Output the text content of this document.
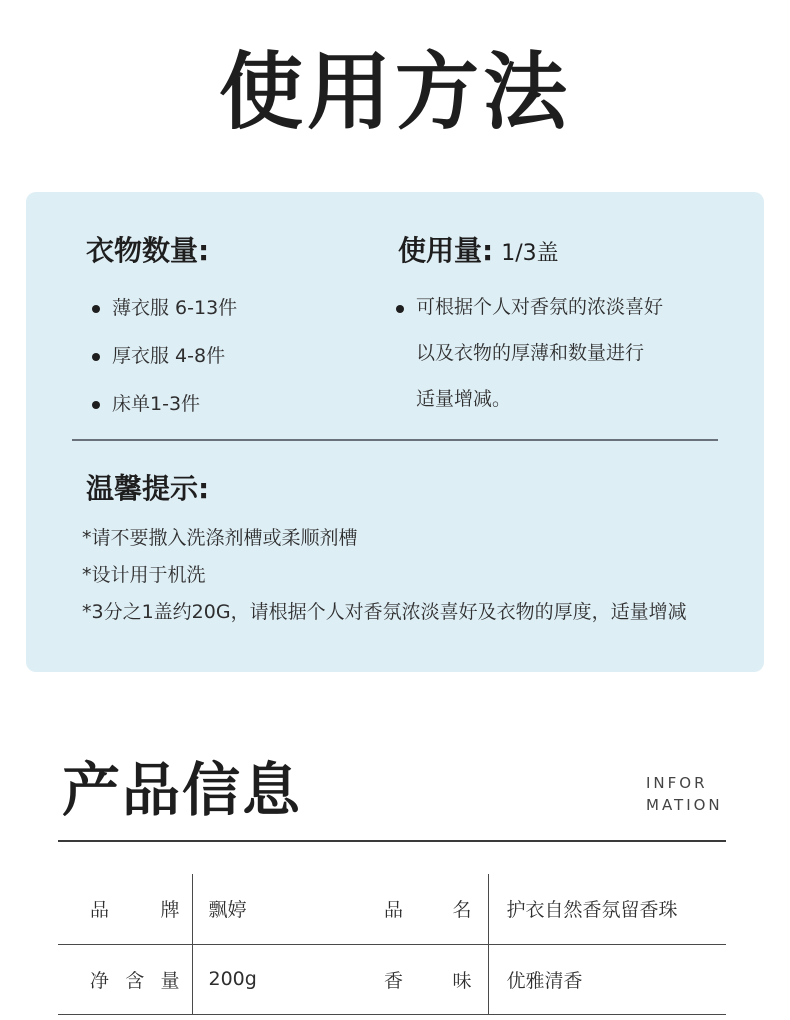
使用方法
衣物数量:	使用量: 1/3盖
薄衣服 6-13件
厚衣服 4-8件
床单1-3件
可根据个人对香氛的浓淡喜好
以及衣物的厚薄和数量进行
适量增减。
温馨提示:
*请不要撒入洗涤剂槽或柔顺剂槽
*设计用于机洗
*3分之1盖约20G，请根据个人对香氛浓淡喜好及衣物的厚度，适量增减
产品信息	INFOR
MATION
品牌	飘婷	品名	护衣自然香氛留香珠
净含量	200g	香味	优雅清香
